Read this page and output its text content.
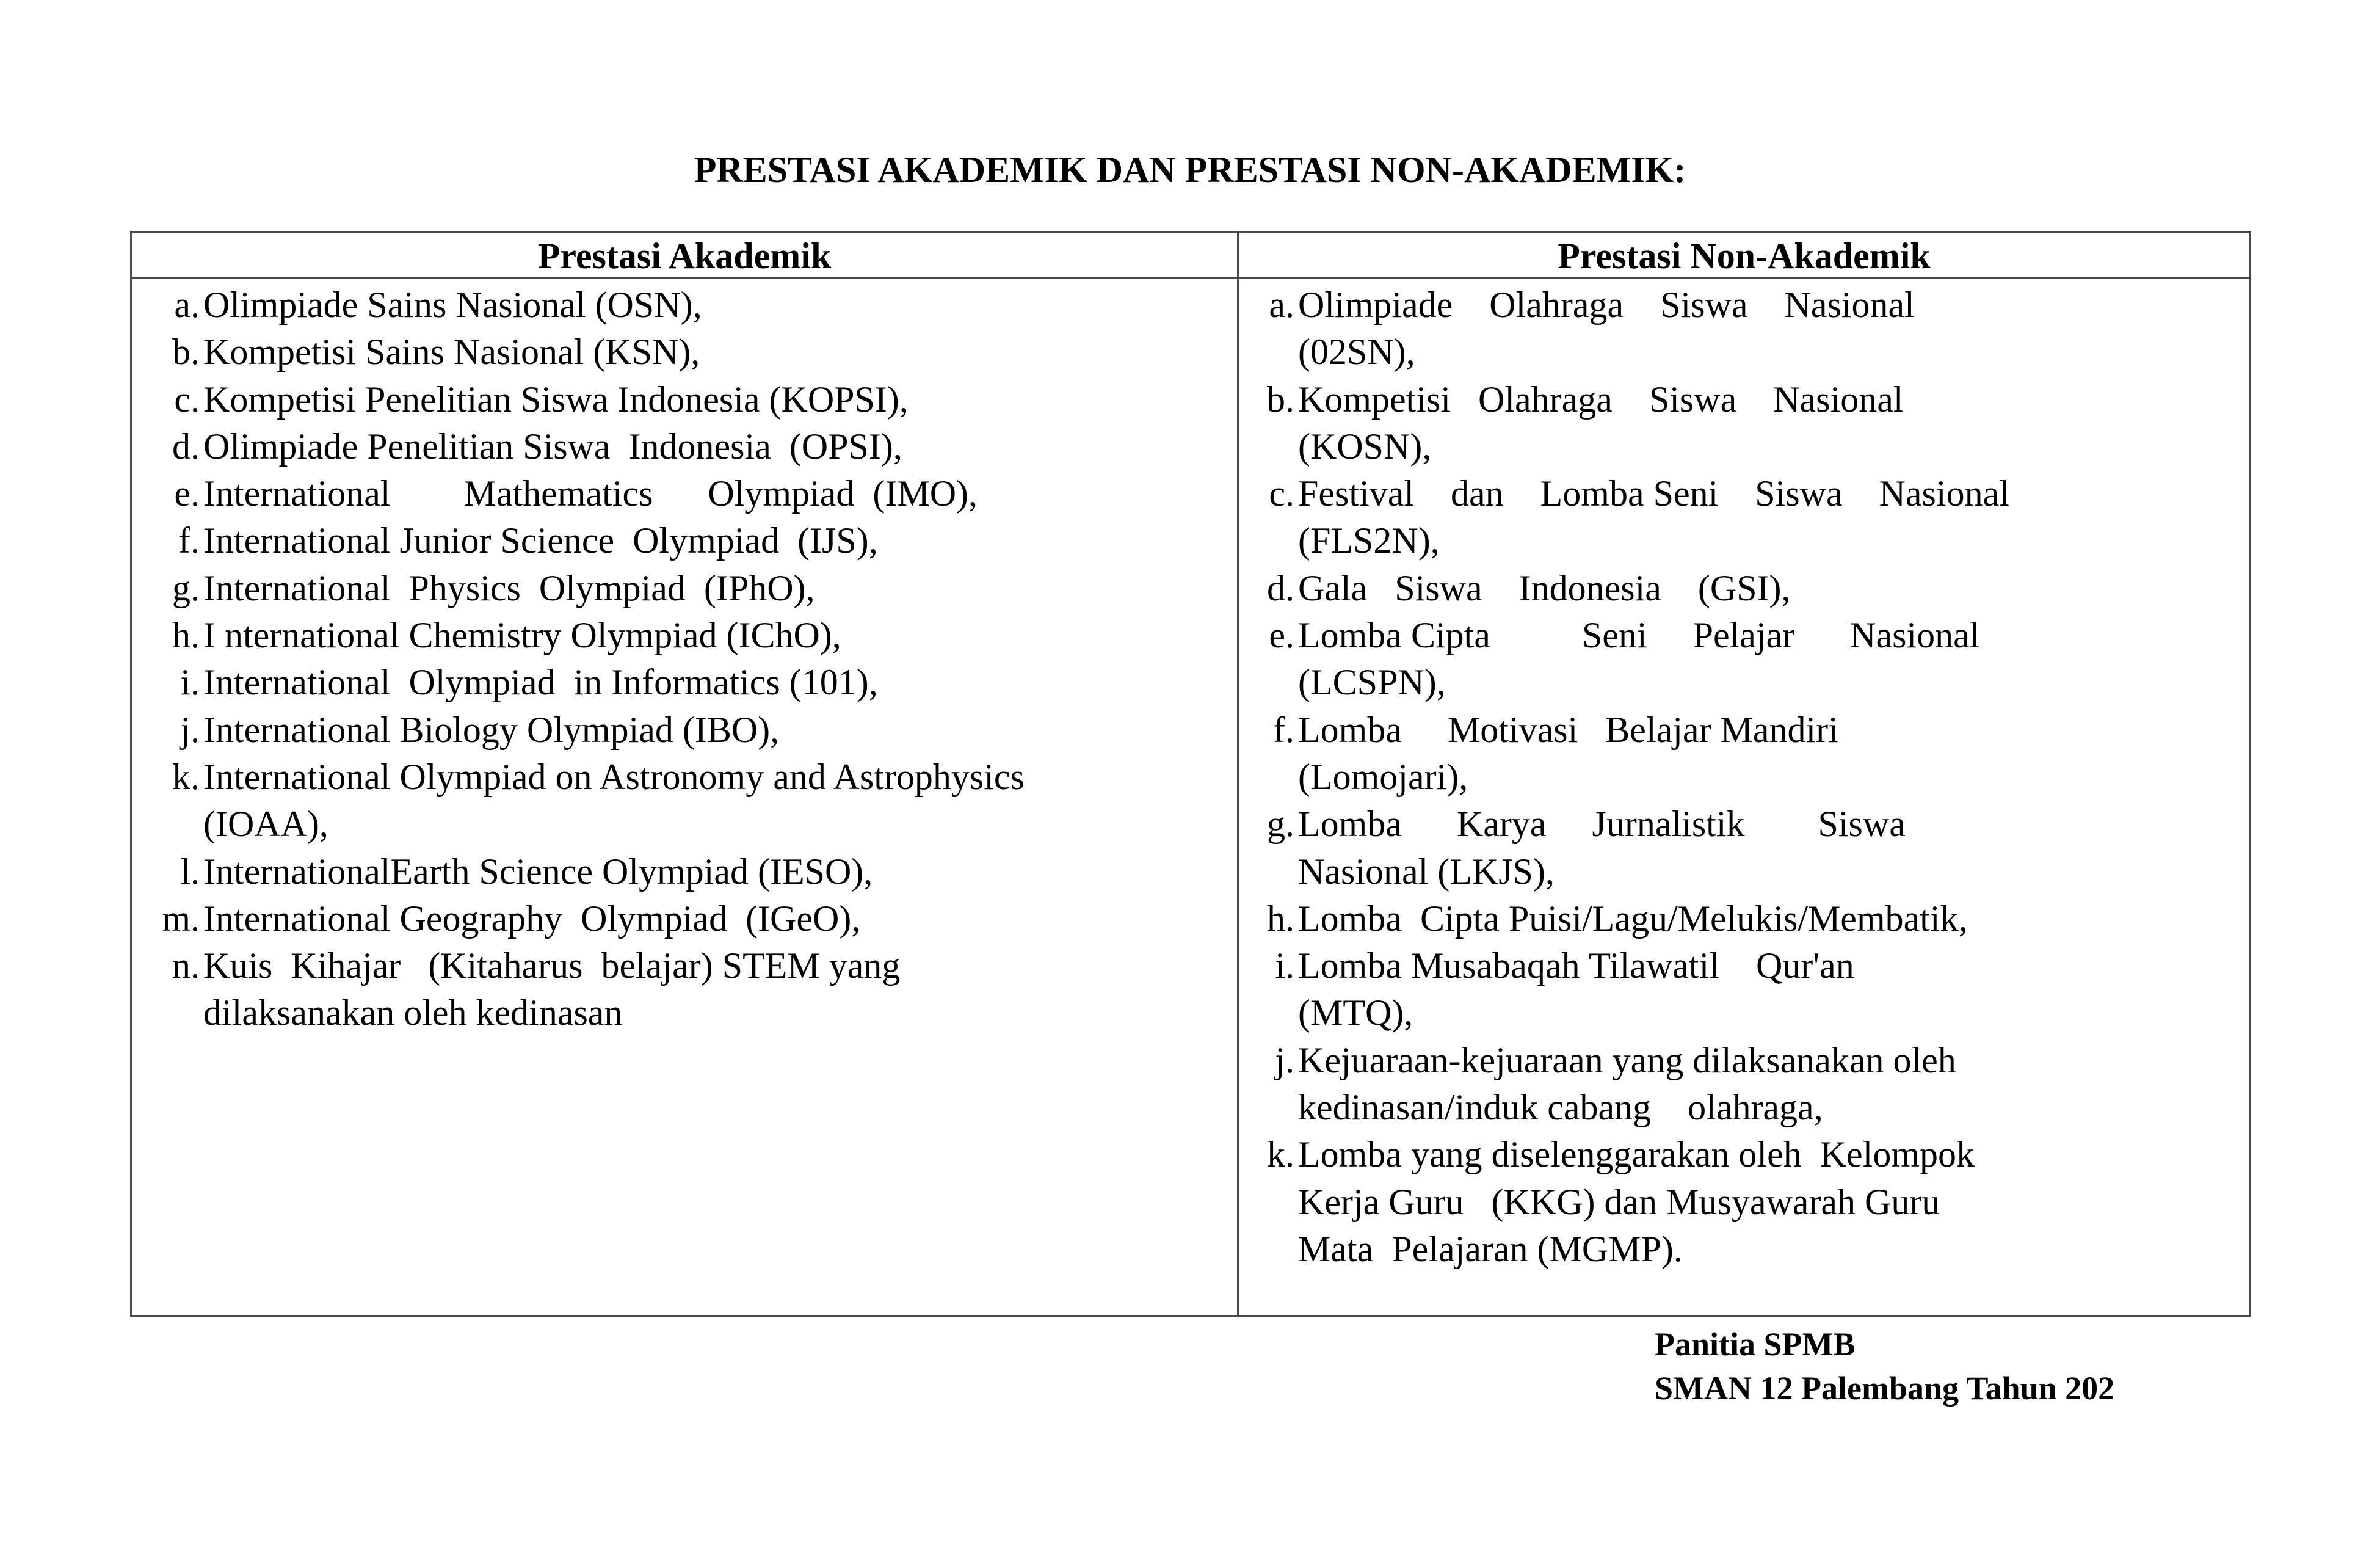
PRESTASI AKADEMIK DAN PRESTASI NON-AKADEMIK:
Prestasi Akademik	Prestasi Non-Akademik
a. Olimpiade Sains Nasional (OSN),
b. Kompetisi Sains Nasional (KSN),
c. Kompetisi Penelitian Siswa Indonesia (KOPSI),
d. Olimpiade Penelitian Siswa  Indonesia  (OPSI),
e. International        Mathematics      Olympiad  (IMO),
f. International Junior Science  Olympiad  (IJS),
g. International  Physics  Olympiad  (IPhO),
h. I nternational Chemistry Olympiad (IChO),
i. International  Olympiad  in Informatics (101),
j. International Biology Olympiad (IBO),
k. International Olympiad on Astronomy and Astrophysics
(IOAA),
l. InternationalEarth Science Olympiad (IESO),
m. International Geography  Olympiad  (IGeO),
n. Kuis  Kihajar   (Kitaharus  belajar) STEM yang
dilaksanakan oleh kedinasan
a. Olimpiade    Olahraga    Siswa    Nasional
(02SN),
b. Kompetisi   Olahraga    Siswa    Nasional
(KOSN),
c. Festival    dan    Lomba Seni    Siswa    Nasional
(FLS2N),
d. Gala   Siswa    Indonesia    (GSI),
e. Lomba Cipta          Seni     Pelajar      Nasional
(LCSPN),
f. Lomba     Motivasi   Belajar Mandiri
(Lomojari),
g. Lomba      Karya     Jurnalistik        Siswa
Nasional (LKJS),
h. Lomba  Cipta Puisi/Lagu/Melukis/Membatik,
i. Lomba Musabaqah Tilawatil    Qur'an
(MTQ),
j. Kejuaraan-kejuaraan yang dilaksanakan oleh
kedinasan/induk cabang    olahraga,
k. Lomba yang diselenggarakan oleh  Kelompok
Kerja Guru   (KKG) dan Musyawarah Guru
Mata  Pelajaran (MGMP).
Panitia SPMB
SMAN 12 Palembang Tahun 202
